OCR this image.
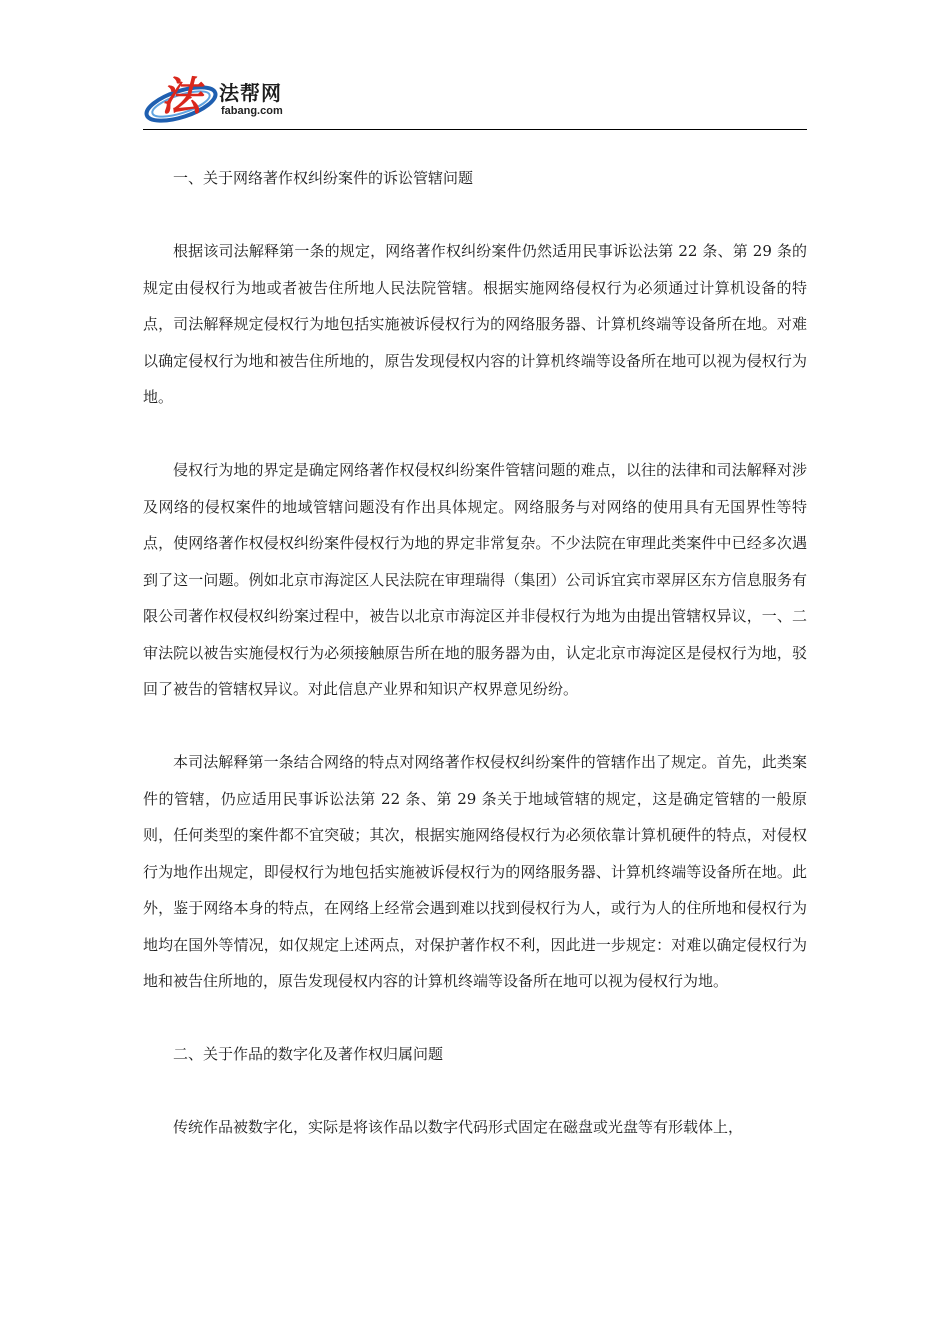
法 法帮网
fabang.com

一、关于网络著作权纠纷案件的诉讼管辖问题

根据该司法解释第一条的规定，网络著作权纠纷案件仍然适用民事诉讼法第 22 条、第 29 条的规定由侵权行为地或者被告住所地人民法院管辖。根据实施网络侵权行为必须通过计算机设备的特点，司法解释规定侵权行为地包括实施被诉侵权行为的网络服务器、计算机终端等设备所在地。对难以确定侵权行为地和被告住所地的，原告发现侵权内容的计算机终端等设备所在地可以视为侵权行为地。

侵权行为地的界定是确定网络著作权侵权纠纷案件管辖问题的难点，以往的法律和司法解释对涉及网络的侵权案件的地域管辖问题没有作出具体规定。网络服务与对网络的使用具有无国界性等特点，使网络著作权侵权纠纷案件侵权行为地的界定非常复杂。不少法院在审理此类案件中已经多次遇到了这一问题。例如北京市海淀区人民法院在审理瑞得（集团）公司诉宜宾市翠屏区东方信息服务有限公司著作权侵权纠纷案过程中，被告以北京市海淀区并非侵权行为地为由提出管辖权异议，一、二审法院以被告实施侵权行为必须接触原告所在地的服务器为由，认定北京市海淀区是侵权行为地，驳回了被告的管辖权异议。对此信息产业界和知识产权界意见纷纷。

本司法解释第一条结合网络的特点对网络著作权侵权纠纷案件的管辖作出了规定。首先，此类案件的管辖，仍应适用民事诉讼法第 22 条、第 29 条关于地域管辖的规定，这是确定管辖的一般原则，任何类型的案件都不宜突破；其次，根据实施网络侵权行为必须依靠计算机硬件的特点，对侵权行为地作出规定，即侵权行为地包括实施被诉侵权行为的网络服务器、计算机终端等设备所在地。此外，鉴于网络本身的特点，在网络上经常会遇到难以找到侵权行为人，或行为人的住所地和侵权行为地均在国外等情况，如仅规定上述两点，对保护著作权不利，因此进一步规定：对难以确定侵权行为地和被告住所地的，原告发现侵权内容的计算机终端等设备所在地可以视为侵权行为地。

二、关于作品的数字化及著作权归属问题

传统作品被数字化，实际是将该作品以数字代码形式固定在磁盘或光盘等有形载体上，
